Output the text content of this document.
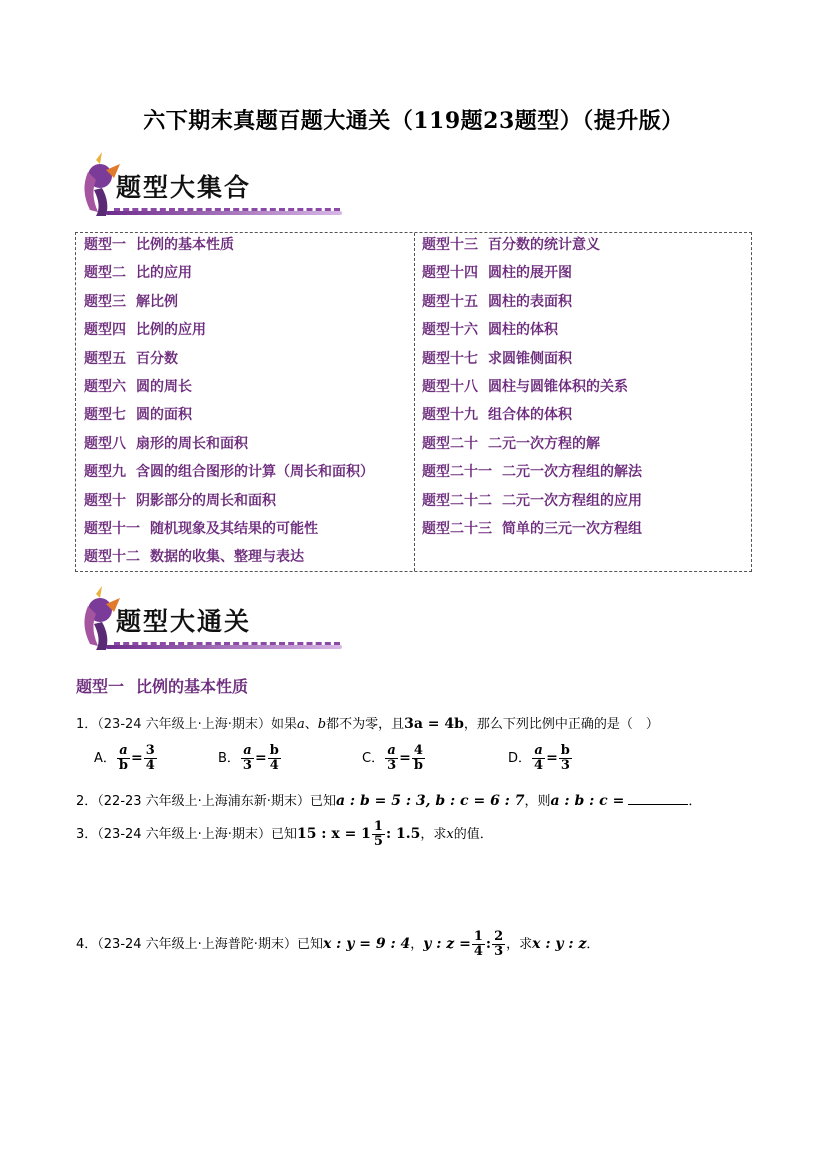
六下期末真题百题大通关（119题23题型）（提升版）
题型大集合
题型一 比例的基本性质
题型二 比的应用
题型三 解比例
题型四 比例的应用
题型五 百分数
题型六 圆的周长
题型七 圆的面积
题型八 扇形的周长和面积
题型九 含圆的组合图形的计算（周长和面积）
题型十 阴影部分的周长和面积
题型十一 随机现象及其结果的可能性
题型十二 数据的收集、整理与表达
题型十三 百分数的统计意义
题型十四 圆柱的展开图
题型十五 圆柱的表面积
题型十六 圆柱的体积
题型十七 求圆锥侧面积
题型十八 圆柱与圆锥体积的关系
题型十九 组合体的体积
题型二十 二元一次方程的解
题型二十一 二元一次方程组的解法
题型二十二 二元一次方程组的应用
题型二十三 简单的三元一次方程组
题型大通关
题型一 比例的基本性质
1．（23-24 六年级上·上海·期末）如果a、b都不为零，且3a = 4b，那么下列比例中正确的是（　）
A． $\frac{a}{b} = \frac{3}{4}$	B． $\frac{a}{3} = \frac{b}{4}$	C． $\frac{a}{3} = \frac{4}{b}$	D． $\frac{a}{4} = \frac{b}{3}$
2．（22-23 六年级上·上海浦东新·期末）已知a : b = 5 : 3, b : c = 6 : 7，则a : b : c =	．
3．（23-24 六年级上·上海·期末）已知15 : $x = 1 \frac{1}{5}$ : 1.5，求x的值．
4．（23-24 六年级上·上海普陀·期末）已知x : y = 9 : 4，y : $z = \frac{1}{4}$ : $\frac{2}{3}$ ，求x : y : z．
